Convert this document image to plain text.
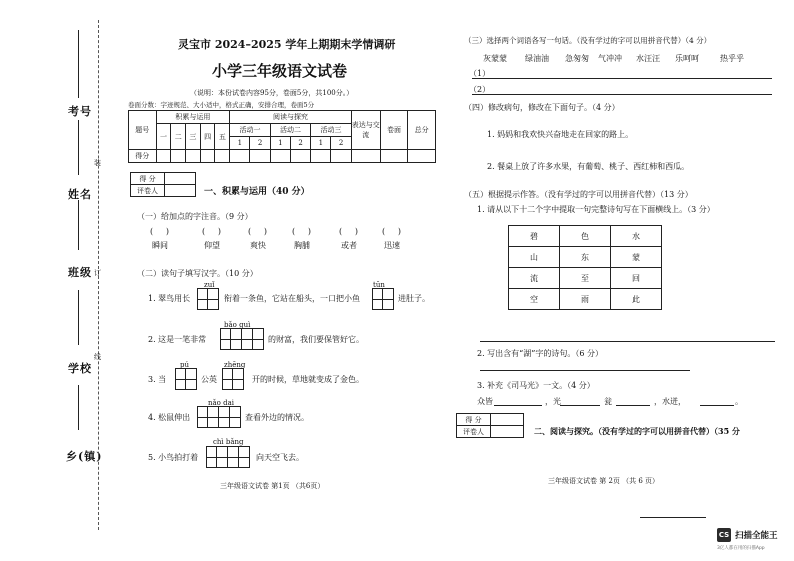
考号
姓名
班级
学校
乡(镇)
装
订
线
灵宝市 2024–2025 学年上期期末学情调研
小学三年级语文试卷
（说明：本份试卷内容95分，卷面5分，共100分。）
卷面分数：字迹规范、大小适中，格式正确，安排合理，卷面5分
题号	积累与运用					阅读与探究						表达与交流	卷面	总分
	一	二	三	四	五	活动一		活动二		活动三				
						1	2	1	2	1	2			
得分														
得 分	
评卷人		一、积累与运用（40 分）
（一）给加点的字注音。（9 分）
(     )	(     )	(     )	(     )	(     )	(     )
瞬间	仰望	爽快	胸脯	或者	迅速
（二）读句子填写汉字。（10 分）
zuǐ	tūn
1. 翠鸟用长	衔着一条鱼，它站在船头，一口把小鱼	进肚子。
bǎo guì
2. 这是一笔非常	的财富，我们要保管好它。
pú	zhēng
3. 当	公英	开的时候，草地就变成了金色。
nǎo dai
4. 松鼠伸出	查看外边的情况。
chì bǎng
5. 小鸟拍打着	向天空飞去。
三年级语文试卷 第1页 （共6页）
（三）选择两个词语各写一句话。（没有学过的字可以用拼音代替）（4 分）
灰蒙蒙 绿油油 急匆匆 气冲冲 水汪汪 乐呵呵	热乎乎
（1）
（2）
（四）修改病句，修改在下面句子。（4 分）
1. 妈妈和我欢快兴奋地走在回家的路上。
2. 餐桌上放了许多水果，有葡萄、桃子、西红柿和西瓜。
（五）根据提示作答。（没有学过的字可以用拼音代替）（13 分）
1. 请从以下十二个字中提取一句完整诗句写在下面横线上。（3 分）
碧	色	水
山	东	蒙
流	至	回
空	雨	此
2. 写出含有“湖”字的诗句。（6 分）
3. 补充《司马光》一文。（4 分）
众皆	，光	瓮	，水迸，	。
得 分	
评卷人		二、阅读与探究。（没有学过的字可以用拼音代替）（35 分
三年级语文试卷 第 2页 （共 6 页）
CS 扫描全能王
3亿人都在用的扫描App
